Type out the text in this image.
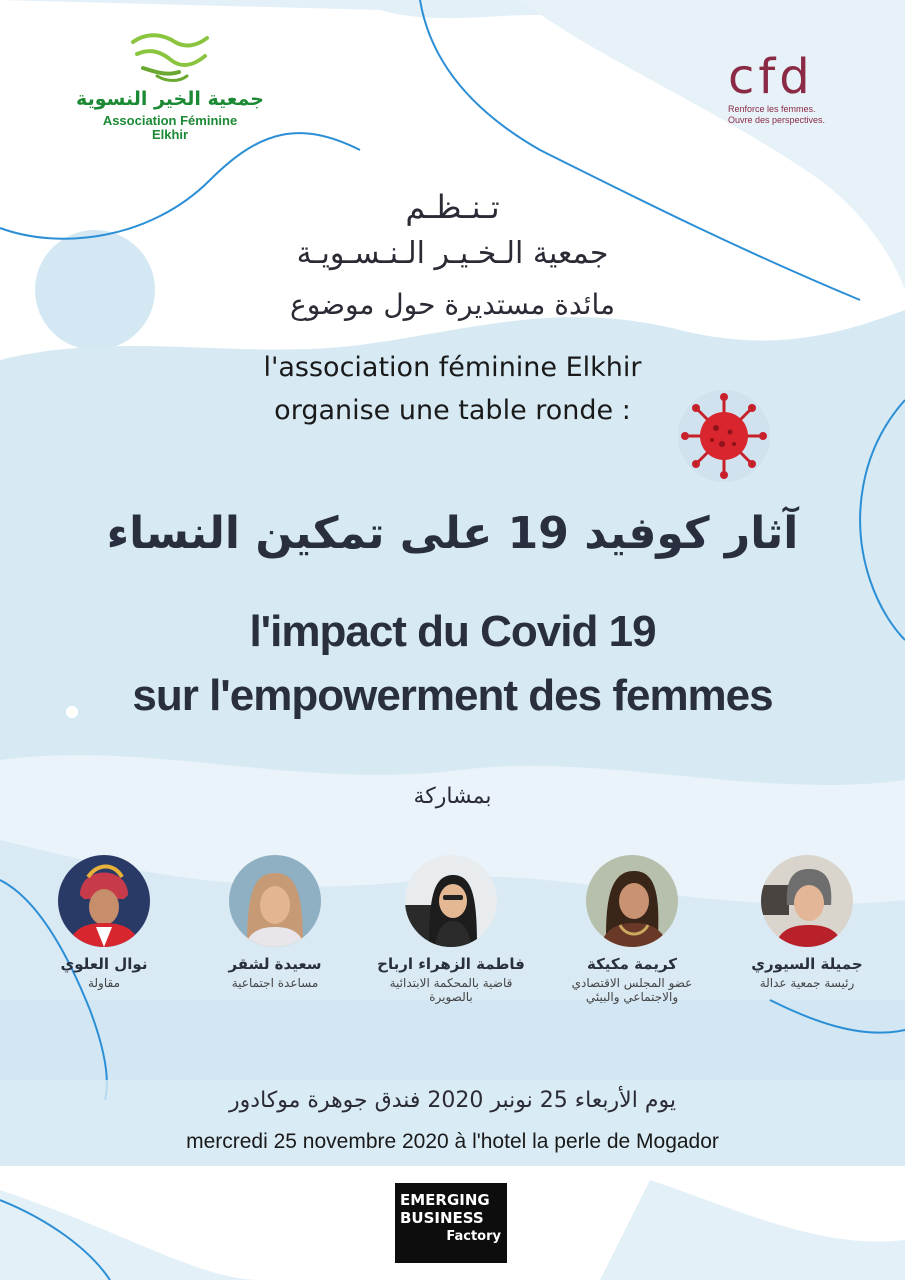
جمعية الخير النسوية
Association Féminine
Elkhir
cfd
Renforce les femmes.
Ouvre des perspectives.
تـنـظـم
جمعية الـخـيـر الـنـسـويـة
مائدة مستديرة حول موضوع
l'association féminine Elkhir
organise une table ronde :
آثار كوفيد 19 على تمكين النساء
l'impact du Covid 19
sur l'empowerment des femmes
بمشاركة
نوال العلوي
مقاولة
سعيدة لشقر
مساعدة اجتماعية
فاطمة الزهراء ارباح
قاضية بالمحكمة الابتدائية
بالصويرة
كريمة مكيكة
عضو المجلس الاقتصادي
والاجتماعي والبيئي
جميلة السيوري
رئيسة جمعية عدالة
يوم الأربعاء 25 نونبر 2020 فندق جوهرة موكادور
mercredi 25 novembre 2020 à l'hotel la perle de Mogador
EMERGING
BUSINESS
Factory
